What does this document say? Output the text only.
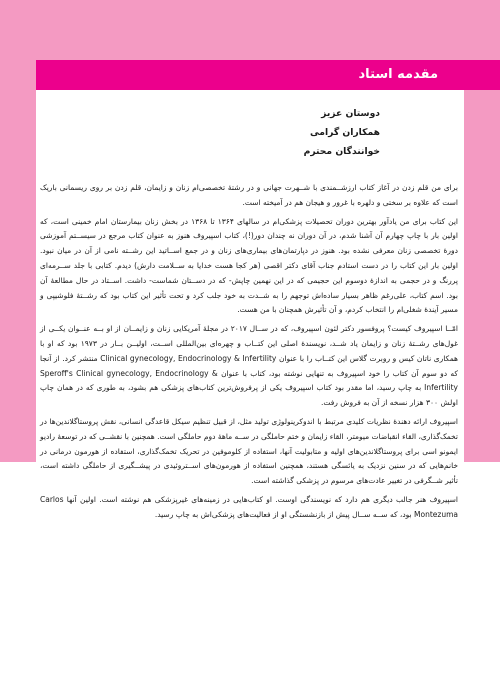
مقدمه استاد
دوستان عزیز
همکاران گرامی
خوانندگان محترم

برای من قلم زدن در آغاز کتاب ارزشــمندی با شــهرت جهانی و در رشتهٔ تخصصی‌ام زنان و زایمان، قلم زدن بر روی ریسمانی باریک است که علاوه بر سختی و دلهره با غرور و هیجان هم در آمیخته است.

این کتاب برای من یادآور بهترین دوران تحصیلات پزشکی‌ام در سالهای ۱۳۶۴ تا ۱۳۶۸ در بخش زنان بیمارستان امام خمینی است، که اولین بار با چاپ چهارم آن آشنا شدم، در آن دوران نه چندان دور(!)، کتاب اسپیروف هنوز به عنوان کتاب مرجع در سیســتم آموزشی دورهٔ تخصصی زنان معرفی نشده بود. هنوز در دپارتمان‌های بیماری‌های زنان و در جمع اســاتید این رشــته نامی از آن در میان نبود. اولین بار این کتاب را در دست استادم جناب آقای دکتر اقصی (هر کجا هست خدایا به ســلامت دارش) دیدم. کتابی با جلد ســرمه‌ای پررنگ و در حجمی به اندازهٔ دوسوم این حجیمی که در این نهمین چاپش- که در دســتان شماست- داشت. اســتاد در حال مطالعهٔ آن بود. اسم کتاب، علی‌رغم ظاهر بسیار ساده‌اش توجهم را به شــدت به خود جلب کرد و تحت تأثیر این کتاب بود که رشــتهٔ فلوشیپی و مسیر آیندهٔ شغلی‌ام را انتخاب کردم، و آن تأثیرش همچنان با من هست.

امّــا اسپیروف کیست؟ پروفسور دکتر لئون اسپیروف، که در ســال ۲۰۱۷ در مجلهٔ آمریکایی زنان و زایمــان از او بــه عنــوان یکــی از غول‌های رشــتهٔ زنان و زایمان یاد شــد، نویسندهٔ اصلی این کتــاب و چهره‌ای بین‌المللی اســت، اولیــن بــار در ۱۹۷۳ بود که او با همکاری ناتان کیس و روبرت گلاس این کتــاب را با عنوان Clinical gynecology, Endocrinology & Infertility منتشر کرد. از آنجا که دو سوم آن کتاب را خود اسپیروف به تنهایی نوشته بود، کتاب با عنوان Speroff's Clinical gynecology, Endocrinology & Infertility به چاپ رسید، اما مقدر بود کتاب اسپیروف یکی از پرفروش‌ترین کتاب‌های پزشکی هم بشود، به طوری که در همان چاپ اولش ۳۰۰ هزار نسخه از آن به فروش رفت.

اسپیروف ارائه دهندهٔ نظریات کلیدی مرتبط با اندوکرینولوژی تولید مثل، از قبیل تنظیم سیکل قاعدگی انسانی، نقش پروستاگلاندین‌ها در تخمک‌گذاری، القاء انقباضات میومتر، القاء زایمان و ختم حاملگی در ســه ماههٔ دوم حاملگی است. همچنین با نقشــی که در توسعهٔ رادیو ایمونو اسی برای پروستاگلاندین‌های اولیه و متابولیت آنها، استفاده از کلوموفین در تحریک تخمک‌گذاری، استفاده از هورمون درمانی در خانم‌هایی که در سنین نزدیک به یائسگی هستند، همچنین استفاده از هورمون‌های اســتروئیدی در پیشــگیری از حاملگی داشته است، تأثیر شــگرفی در تغییر عادت‌های مرسوم در پزشکی گذاشته است.

اسپیروف هنر جالب دیگری هم دارد که نویسندگی اوست. او کتاب‌هایی در زمینه‌های غیرپزشکی هم نوشته است. اولین آنها Carlos Montezuma بود، که ســه ســال پیش از بازنشستگی او از فعالیت‌های پزشکی‌اش به چاپ رسید.
